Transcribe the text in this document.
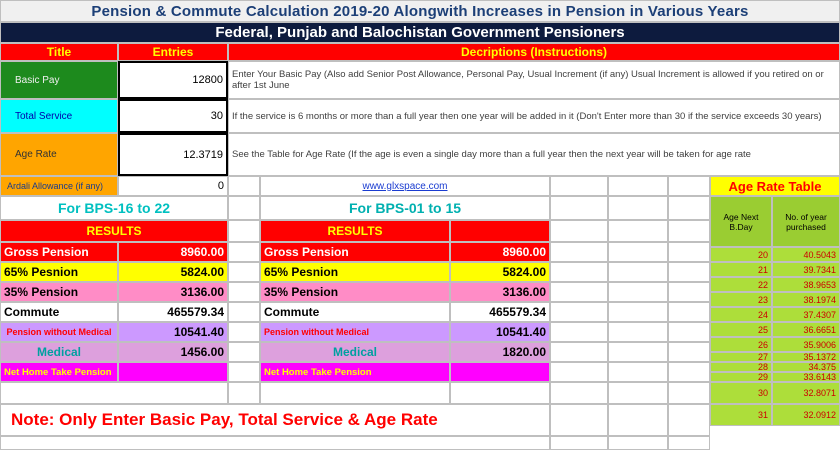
Pension & Commute Calculation 2019-20 Alongwith Increases in Pension in Various Years
Federal, Punjab and Balochistan Government Pensioners
Title	Entries	Decriptions (Instructions)
Basic Pay	12800 Enter Your Basic Pay (Also add Senior Post Allowance, Personal Pay, Usual Increment (if any) Usual Increment is allowed if you retired on or after 1st June
Total Service	30 If the service is 6 months or more than a full year then one year will be added in it (Don't Enter more than 30 if the service exceeds 30 years)
Age Rate	12.3719 See the Table for Age Rate (If the age is even a single day more than a full year then the next year will be taken for age rate
Ardali Allowance (if any)	0	www.glxspace.com	Age Rate Table
For BPS-16 to 22	For BPS-01 to 15
Age Next B.Day
No. of year purchased
RESULTS	RESULTS
Gross Pension	8960.00	Gross Pension	8960.00
65% Pesnion	5824.00	65% Pesnion	5824.00
35% Pension	3136.00	35% Pension	3136.00
Commute	465579.34	Commute	465579.34
Pension without Medical	10541.40	Pension without Medical	10541.40
Medical	1456.00	Medical	1820.00
Net Home Take Pension	11997.40	Net Home Take Pension	12361.40
Note: Only Enter Basic Pay, Total Service & Age Rate
20	40.5043
21	39.7341
22	38.9653
23	38.1974
24	37.4307
25	36.6651
26	35.9006
27	35.1372
28	34.375
29	33.6143
30	32.8071
31	32.0912
